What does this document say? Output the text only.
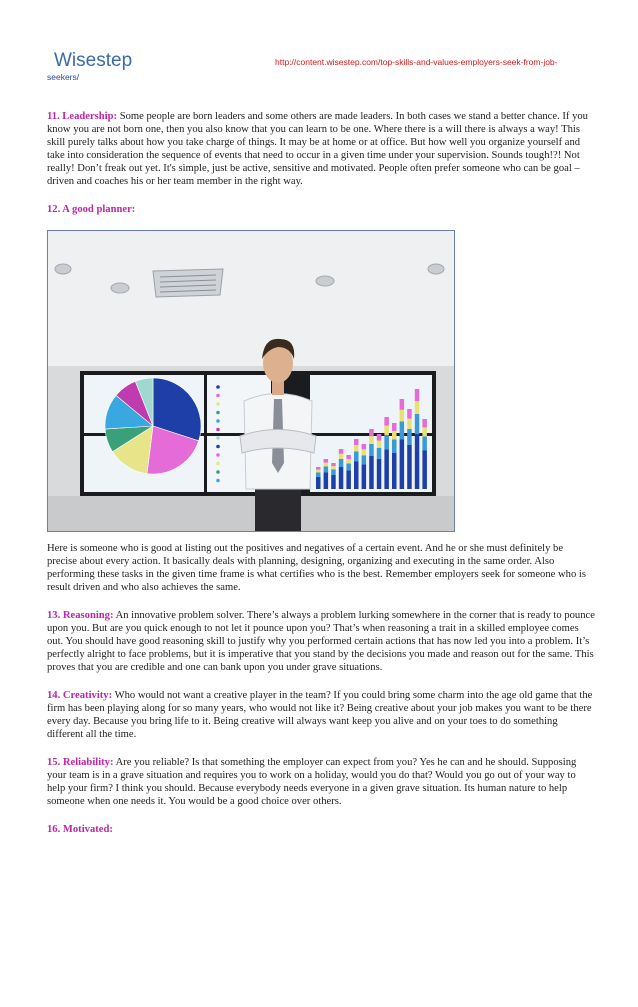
Wisestep	http://content.wisestep.com/top-skills-and-values-employers-seek-from-job-
seekers/

11. Leadership: Some people are born leaders and some others are made leaders. In both cases we stand a better chance. If you know you are not born one, then you also know that you can learn to be one. Where there is a will there is always a way! This skill purely talks about how you take charge of things. It may be at home or at office. But how well you organize yourself and take into consideration the sequence of events that need to occur in a given time under your supervision. Sounds tough!?! Not really! Don’t freak out yet. It's simple, just be active, sensitive and motivated. People often prefer someone who can be goal – driven and coaches his or her team member in the right way.

12. A good planner:

Here is someone who is good at listing out the positives and negatives of a certain event. And he or she must definitely be precise about every action. It basically deals with planning, designing, organizing and executing in the same order. Also performing these tasks in the given time frame is what certifies who is the best. Remember employers seek for someone who is result driven and who also achieves the same.

13. Reasoning: An innovative problem solver. There’s always a problem lurking somewhere in the corner that is ready to pounce upon you. But are you quick enough to not let it pounce upon you? That’s when reasoning a trait in a skilled employee comes out. You should have good reasoning skill to justify why you performed certain actions that has now led you into a problem. It’s perfectly alright to face problems, but it is imperative that you stand by the decisions you made and reason out for the same. This proves that you are credible and one can bank upon you under grave situations.

14. Creativity: Who would not want a creative player in the team? If you could bring some charm into the age old game that the firm has been playing along for so many years, who would not like it? Being creative about your job makes you want to be there every day. Because you bring life to it. Being creative will always want keep you alive and on your toes to do something different all the time.

15. Reliability: Are you reliable? Is that something the employer can expect from you? Yes he can and he should. Supposing your team is in a grave situation and requires you to work on a holiday, would you do that? Would you go out of your way to help your firm? I think you should. Because everybody needs everyone in a given grave situation. Its human nature to help someone when one needs it. You would be a good choice over others.

16. Motivated:
